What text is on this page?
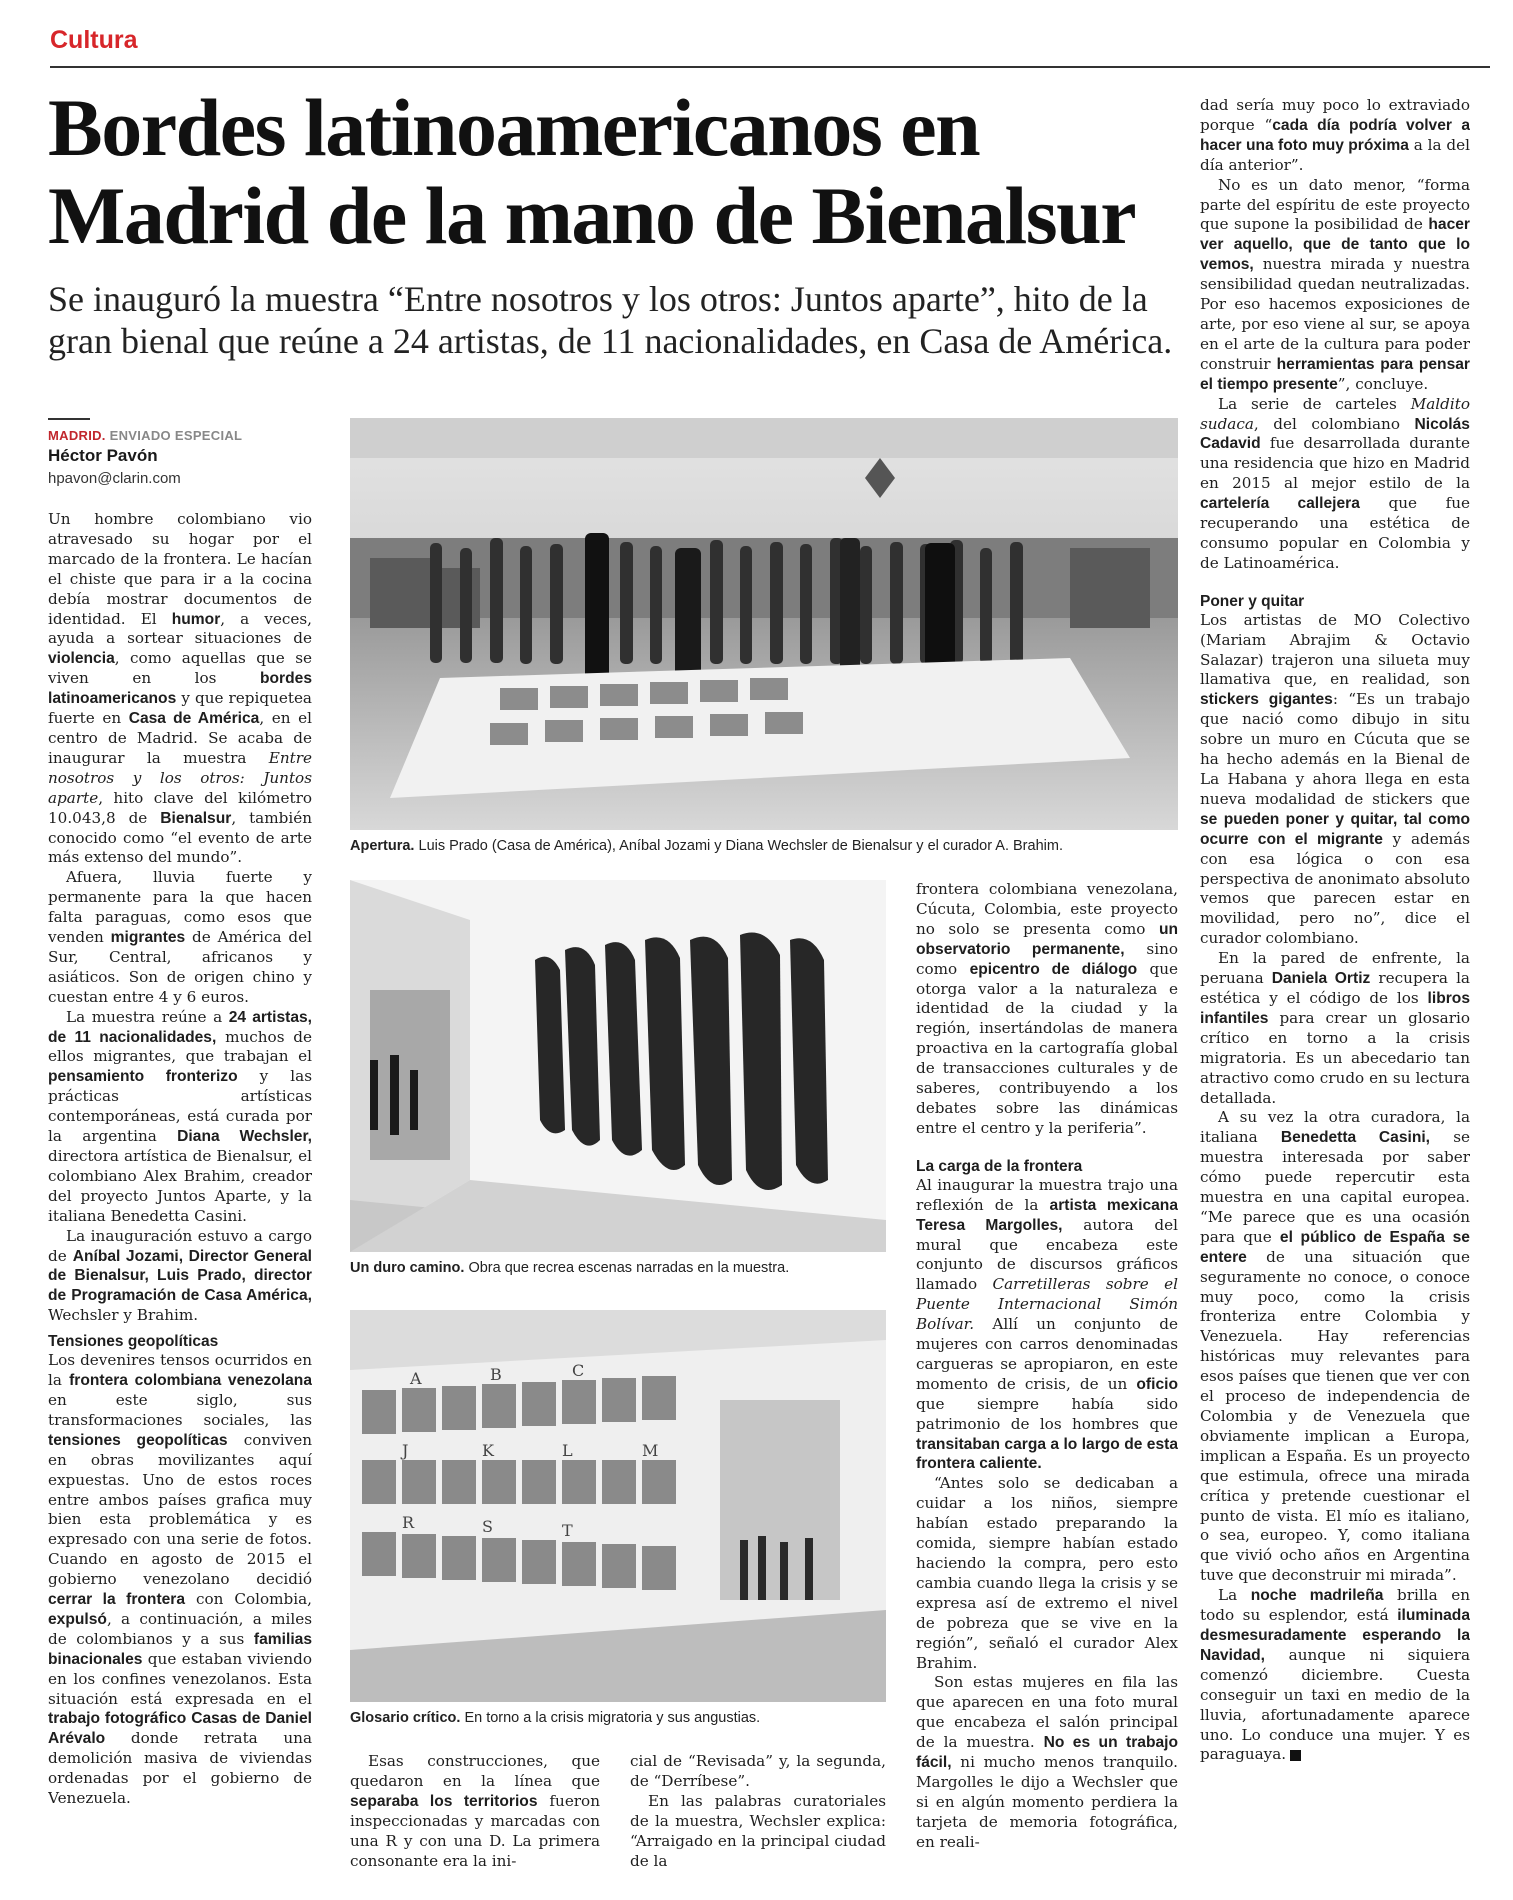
Cultura
Bordes latinoamericanos en Madrid de la mano de Bienalsur
Se inauguró la muestra “Entre nosotros y los otros: Juntos aparte”, hito de la gran bienal que reúne a 24 artistas, de 11 nacionalidades, en Casa de América.
MADRID. ENVIADO ESPECIAL
Héctor Pavón
hpavon@clarin.com

Un hombre colombiano vio atravesado su hogar por el marcado de la frontera. Le hacían el chiste que para ir a la cocina debía mostrar documentos de identidad. El humor, a veces, ayuda a sortear situaciones de violencia, como aquellas que se viven en los bordes latinoamericanos y que repiquetea fuerte en Casa de América, en el centro de Madrid. Se acaba de inaugurar la muestra Entre nosotros y los otros: Juntos aparte, hito clave del kilómetro 10.043,8 de Bienalsur, también conocido como “el evento de arte más extenso del mundo”.

Afuera, lluvia fuerte y permanente para la que hacen falta paraguas, como esos que venden migrantes de América del Sur, Central, africanos y asiáticos. Son de origen chino y cuestan entre 4 y 6 euros.

La muestra reúne a 24 artistas, de 11 nacionalidades, muchos de ellos migrantes, que trabajan el pensamiento fronterizo y las prácticas artísticas contemporáneas, está curada por la argentina Diana Wechsler, directora artística de Bienalsur, el colombiano Alex Brahim, creador del proyecto Juntos Aparte, y la italiana Benedetta Casini.

La inauguración estuvo a cargo de Aníbal Jozami, Director General de Bienalsur, Luis Prado, director de Programación de Casa América, Wechsler y Brahim.

Tensiones geopolíticas

Los devenires tensos ocurridos en la frontera colombiana venezolana en este siglo, sus transformaciones sociales, las tensiones geopolíticas conviven en obras movilizantes aquí expuestas. Uno de estos roces entre ambos países grafica muy bien esta problemática y es expresado con una serie de fotos. Cuando en agosto de 2015 el gobierno venezolano decidió cerrar la frontera con Colombia, expulsó, a continuación, a miles de colombianos y a sus familias binacionales que estaban viviendo en los confines venezolanos. Esta situación está expresada en el trabajo fotográfico Casas de Daniel Arévalo donde retrata una demolición masiva de viviendas ordenadas por el gobierno de Venezuela.

Apertura. Luis Prado (Casa de América), Aníbal Jozami y Diana Wechsler de Bienalsur y el curador A. Brahim.
Un duro camino. Obra que recrea escenas narradas en la muestra.
A	B	C
J	K	L	M
R	S	T
Glosario crítico. En torno a la crisis migratoria y sus angustias.

Esas construcciones, que quedaron en la línea que separaba los territorios fueron inspeccionadas y marcadas con una R y con una D. La primera consonante era la ini-

cial de “Revisada” y, la segunda, de “Derríbese”.

En las palabras curatoriales de la muestra, Wechsler explica: “Arraigado en la principal ciudad de la

frontera colombiana venezolana, Cúcuta, Colombia, este proyecto no solo se presenta como un observatorio permanente, sino como epicentro de diálogo que otorga valor a la naturaleza e identidad de la ciudad y la región, insertándolas de manera proactiva en la cartografía global de transacciones culturales y de saberes, contribuyendo a los debates sobre las dinámicas entre el centro y la periferia”.

La carga de la frontera

Al inaugurar la muestra trajo una reflexión de la artista mexicana Teresa Margolles, autora del mural que encabeza este conjunto de discursos gráficos llamado Carretilleras sobre el Puente Internacional Simón Bolívar. Allí un conjunto de mujeres con carros denominadas cargueras se apropiaron, en este momento de crisis, de un oficio que siempre había sido patrimonio de los hombres que transitaban carga a lo largo de esta frontera caliente.

“Antes solo se dedicaban a cuidar a los niños, siempre habían estado preparando la comida, siempre habían estado haciendo la compra, pero esto cambia cuando llega la crisis y se expresa así de extremo el nivel de pobreza que se vive en la región”, señaló el curador Alex Brahim.

Son estas mujeres en fila las que aparecen en una foto mural que encabeza el salón principal de la muestra. No es un trabajo fácil, ni mucho menos tranquilo. Margolles le dijo a Wechsler que si en algún momento perdiera la tarjeta de memoria fotográfica, en reali-

dad sería muy poco lo extraviado porque “cada día podría volver a hacer una foto muy próxima a la del día anterior”.

No es un dato menor, “forma parte del espíritu de este proyecto que supone la posibilidad de hacer ver aquello, que de tanto que lo vemos, nuestra mirada y nuestra sensibilidad quedan neutralizadas. Por eso hacemos exposiciones de arte, por eso viene al sur, se apoya en el arte de la cultura para poder construir herramientas para pensar el tiempo presente”, concluye.

La serie de carteles Maldito sudaca, del colombiano Nicolás Cadavid fue desarrollada durante una residencia que hizo en Madrid en 2015 al mejor estilo de la cartelería callejera que fue recuperando una estética de consumo popular en Colombia y de Latinoamérica.

Poner y quitar

Los artistas de MO Colectivo (Mariam Abrajim & Octavio Salazar) trajeron una silueta muy llamativa que, en realidad, son stickers gigantes: “Es un trabajo que nació como dibujo in situ sobre un muro en Cúcuta que se ha hecho además en la Bienal de La Habana y ahora llega en esta nueva modalidad de stickers que se pueden poner y quitar, tal como ocurre con el migrante y además con esa lógica o con esa perspectiva de anonimato absoluto vemos que parecen estar en movilidad, pero no”, dice el curador colombiano.

En la pared de enfrente, la peruana Daniela Ortiz recupera la estética y el código de los libros infantiles para crear un glosario crítico en torno a la crisis migratoria. Es un abecedario tan atractivo como crudo en su lectura detallada.

A su vez la otra curadora, la italiana Benedetta Casini, se muestra interesada por saber cómo puede repercutir esta muestra en una capital europea. “Me parece que es una ocasión para que el público de España se entere de una situación que seguramente no conoce, o conoce muy poco, como la crisis fronteriza entre Colombia y Venezuela. Hay referencias históricas muy relevantes para esos países que tienen que ver con el proceso de independencia de Colombia y de Venezuela que obviamente implican a Europa, implican a España. Es un proyecto que estimula, ofrece una mirada crítica y pretende cuestionar el punto de vista. El mío es italiano, o sea, europeo. Y, como italiana que vivió ocho años en Argentina tuve que deconstruir mi mirada”.

La noche madrileña brilla en todo su esplendor, está iluminada desmesuradamente esperando la Navidad, aunque ni siquiera comenzó diciembre. Cuesta conseguir un taxi en medio de la lluvia, afortunadamente aparece uno. Lo conduce una mujer. Y es paraguaya.
